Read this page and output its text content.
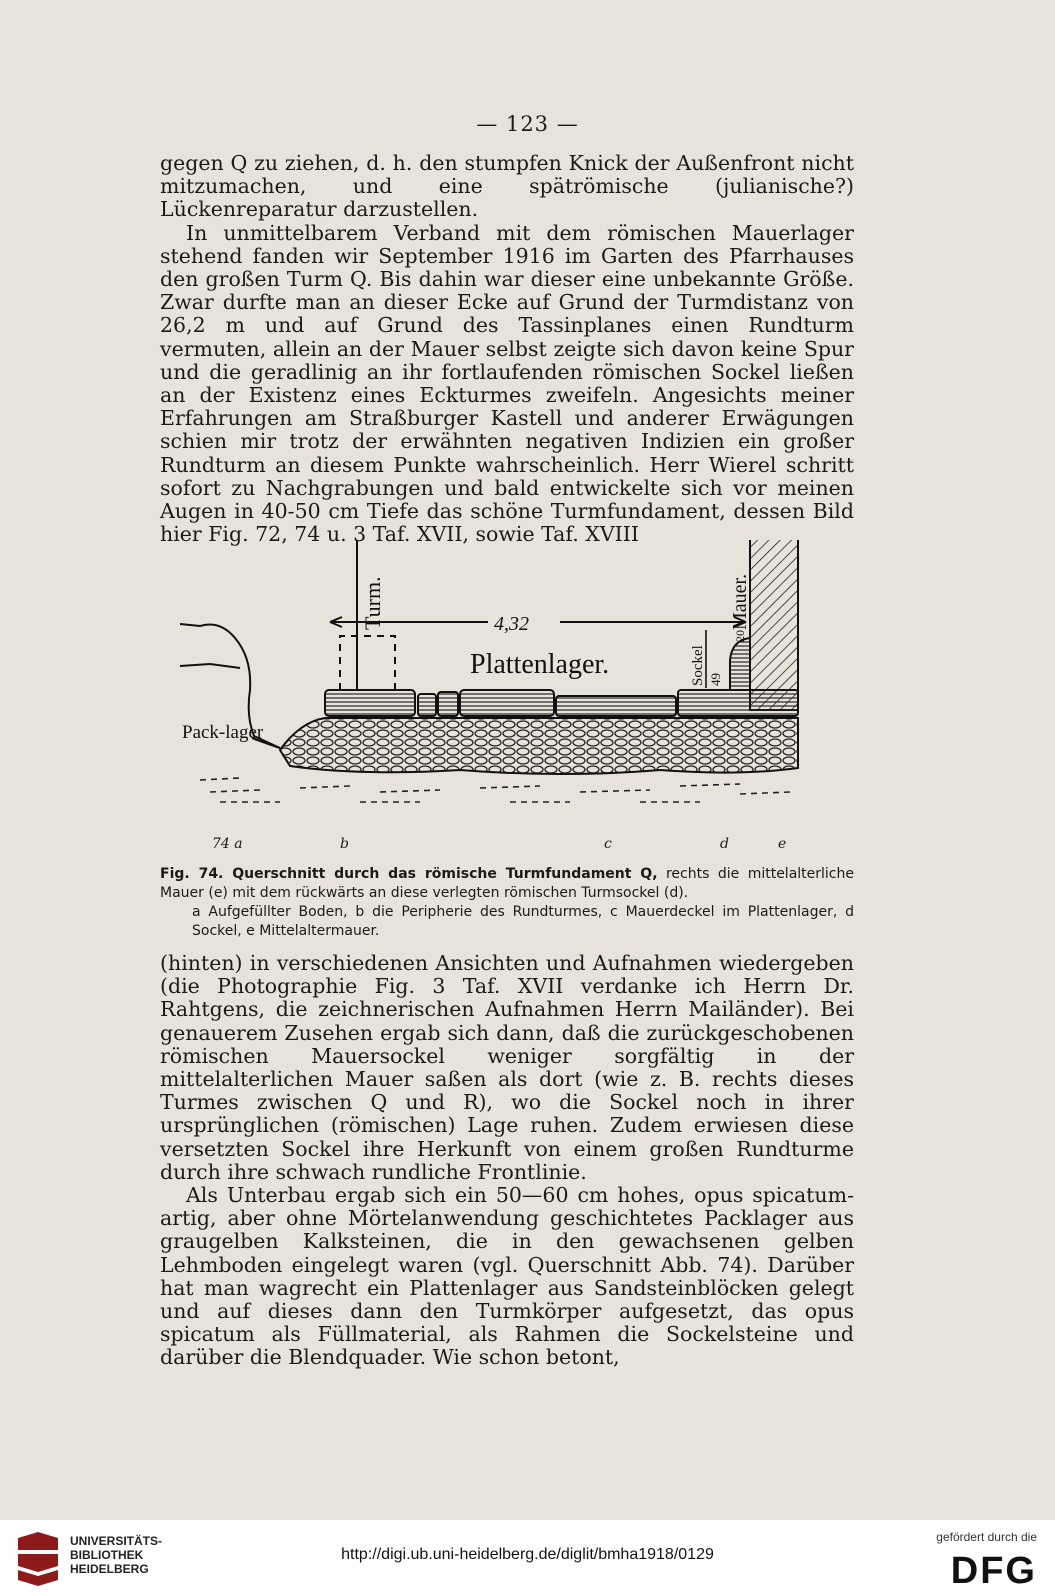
— 123 —

gegen Q zu ziehen, d. h. den stumpfen Knick der Außenfront nicht mitzumachen, und eine spätrömische (julianische?) Lückenreparatur darzustellen.

In unmittelbarem Verband mit dem römischen Mauerlager stehend fanden wir September 1916 im Garten des Pfarrhauses den großen Turm Q. Bis dahin war dieser eine unbekannte Größe. Zwar durfte man an dieser Ecke auf Grund der Turmdistanz von 26,2 m und auf Grund des Tassinplanes einen Rundturm vermuten, allein an der Mauer selbst zeigte sich davon keine Spur und die geradlinig an ihr fortlaufenden römischen Sockel ließen an der Existenz eines Eckturmes zweifeln. Angesichts meiner Erfahrungen am Straßburger Kastell und anderer Erwägungen schien mir trotz der erwähnten negativen Indizien ein großer Rundturm an diesem Punkte wahrscheinlich. Herr Wierel schritt sofort zu Nachgrabungen und bald entwickelte sich vor meinen Augen in 40-50 cm Tiefe das schöne Turmfundament, dessen Bild hier Fig. 72, 74 u. 3 Taf. XVII, sowie Taf. XVIII

Turm.	Mauer.
4,32
Plattenlager.	Sockel 49
20
Pack-lager
74 a	b	c	d	e

Fig. 74. Querschnitt durch das römische Turmfundament Q, rechts die mittelalterliche Mauer (e) mit dem rückwärts an diese verlegten römischen Turmsockel (d).

a Aufgefüllter Boden, b die Peripherie des Rundturmes, c Mauerdeckel im Plattenlager, d Sockel, e Mittelaltermauer.

(hinten) in verschiedenen Ansichten und Aufnahmen wiedergeben (die Photographie Fig. 3 Taf. XVII verdanke ich Herrn Dr. Rahtgens, die zeichnerischen Aufnahmen Herrn Mailänder). Bei genauerem Zusehen ergab sich dann, daß die zurückgeschobenen römischen Mauersockel weniger sorgfältig in der mittelalterlichen Mauer saßen als dort (wie z. B. rechts dieses Turmes zwischen Q und R), wo die Sockel noch in ihrer ursprünglichen (römischen) Lage ruhen. Zudem erwiesen diese versetzten Sockel ihre Herkunft von einem großen Rundturme durch ihre schwach rundliche Frontlinie.

Als Unterbau ergab sich ein 50—60 cm hohes, opus spicatum-artig, aber ohne Mörtelanwendung geschichtetes Packlager aus graugelben Kalksteinen, die in den gewachsenen gelben Lehmboden eingelegt waren (vgl. Querschnitt Abb. 74). Darüber hat man wagrecht ein Plattenlager aus Sandsteinblöcken gelegt und auf dieses dann den Turmkörper aufgesetzt, das opus spicatum als Füllmaterial, als Rahmen die Sockelsteine und darüber die Blendquader. Wie schon betont,

UNIVERSITÄTS-
BIBLIOTHEK
HEIDELBERG
http://digi.ub.uni-heidelberg.de/diglit/bmha1918/0129
gefördert durch die
DFG
